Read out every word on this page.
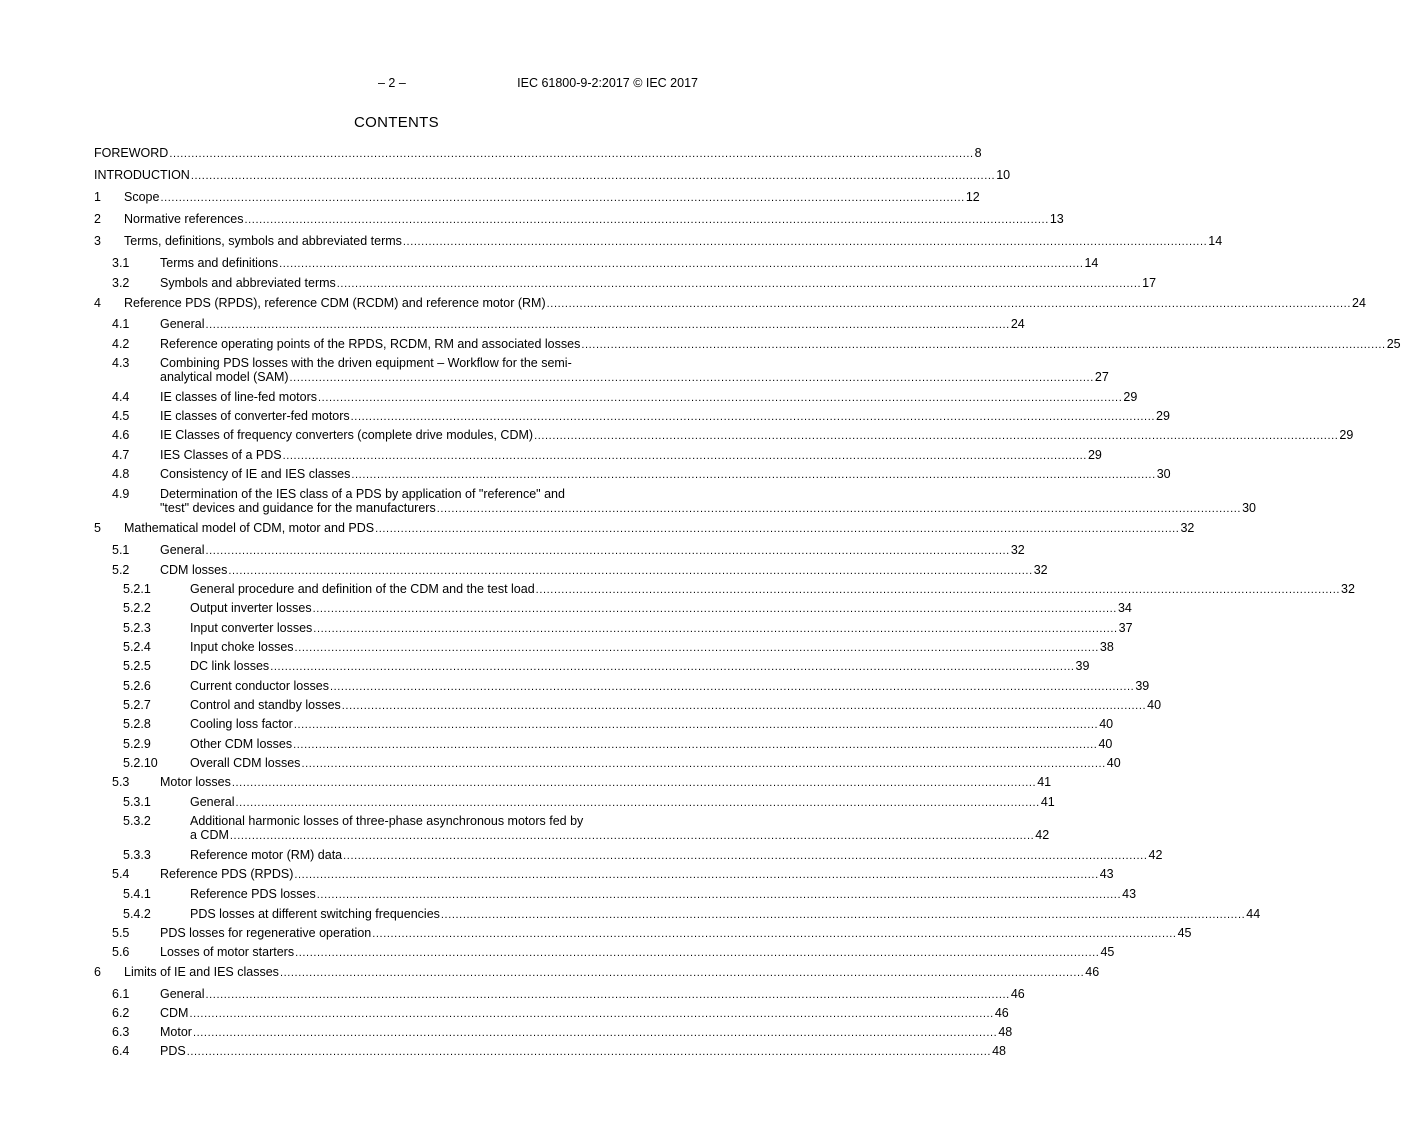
– 2 –	IEC 61800-9-2:2017 © IEC 2017
CONTENTS
FOREWORD ............................................................................................................................................................................................................................ 8
INTRODUCTION ............................................................................................................................................................................................................................ 10
1 Scope ............................................................................................................................................................................................................................ 12
2 Normative references ............................................................................................................................................................................................................................ 13
3 Terms, definitions, symbols and abbreviated terms ............................................................................................................................................................................................................................ 14
3.1 Terms and definitions ............................................................................................................................................................................................................................ 14
3.2 Symbols and abbreviated terms ............................................................................................................................................................................................................................ 17
4 Reference PDS (RPDS), reference CDM (RCDM) and reference motor (RM) ............................................................................................................................................................................................................................ 24
4.1 General ............................................................................................................................................................................................................................ 24
4.2 Reference operating points of the RPDS, RCDM, RM and associated losses ............................................................................................................................................................................................................................ 25
4.3 Combining PDS losses with the driven equipment – Workflow for the semi-
analytical model (SAM) ............................................................................................................................................................................................................................ 27
4.4 IE classes of line-fed motors ............................................................................................................................................................................................................................ 29
4.5 IE classes of converter-fed motors ............................................................................................................................................................................................................................ 29
4.6 IE Classes of frequency converters (complete drive modules, CDM) ............................................................................................................................................................................................................................ 29
4.7 IES Classes of a PDS ............................................................................................................................................................................................................................ 29
4.8 Consistency of IE and IES classes ............................................................................................................................................................................................................................ 30
4.9 Determination of the IES class of a PDS by application of "reference" and
"test" devices and guidance for the manufacturers ............................................................................................................................................................................................................................ 30
5 Mathematical model of CDM, motor and PDS ............................................................................................................................................................................................................................ 32
5.1 General ............................................................................................................................................................................................................................ 32
5.2 CDM losses ............................................................................................................................................................................................................................ 32
5.2.1	General procedure and definition of the CDM and the test load ............................................................................................................................................................................................................................ 32
5.2.2	Output inverter losses ............................................................................................................................................................................................................................ 34
5.2.3	Input converter losses ............................................................................................................................................................................................................................ 37
5.2.4	Input choke losses ............................................................................................................................................................................................................................ 38
5.2.5	DC link losses ............................................................................................................................................................................................................................ 39
5.2.6	Current conductor losses ............................................................................................................................................................................................................................ 39
5.2.7	Control and standby losses ............................................................................................................................................................................................................................ 40
5.2.8	Cooling loss factor ............................................................................................................................................................................................................................ 40
5.2.9	Other CDM losses ............................................................................................................................................................................................................................ 40
5.2.10	Overall CDM losses ............................................................................................................................................................................................................................ 40
5.3 Motor losses ............................................................................................................................................................................................................................ 41
5.3.1	General ............................................................................................................................................................................................................................ 41
5.3.2	Additional harmonic losses of three-phase asynchronous motors fed by
a CDM ............................................................................................................................................................................................................................ 42
5.3.3	Reference motor (RM) data ............................................................................................................................................................................................................................ 42
5.4 Reference PDS (RPDS) ............................................................................................................................................................................................................................ 43
5.4.1	Reference PDS losses ............................................................................................................................................................................................................................ 43
5.4.2	PDS losses at different switching frequencies ............................................................................................................................................................................................................................ 44
5.5 PDS losses for regenerative operation ............................................................................................................................................................................................................................ 45
5.6 Losses of motor starters ............................................................................................................................................................................................................................ 45
6 Limits of IE and IES classes ............................................................................................................................................................................................................................ 46
6.1 General ............................................................................................................................................................................................................................ 46
6.2 CDM ............................................................................................................................................................................................................................ 46
6.3 Motor ............................................................................................................................................................................................................................ 48
6.4 PDS ............................................................................................................................................................................................................................ 48
